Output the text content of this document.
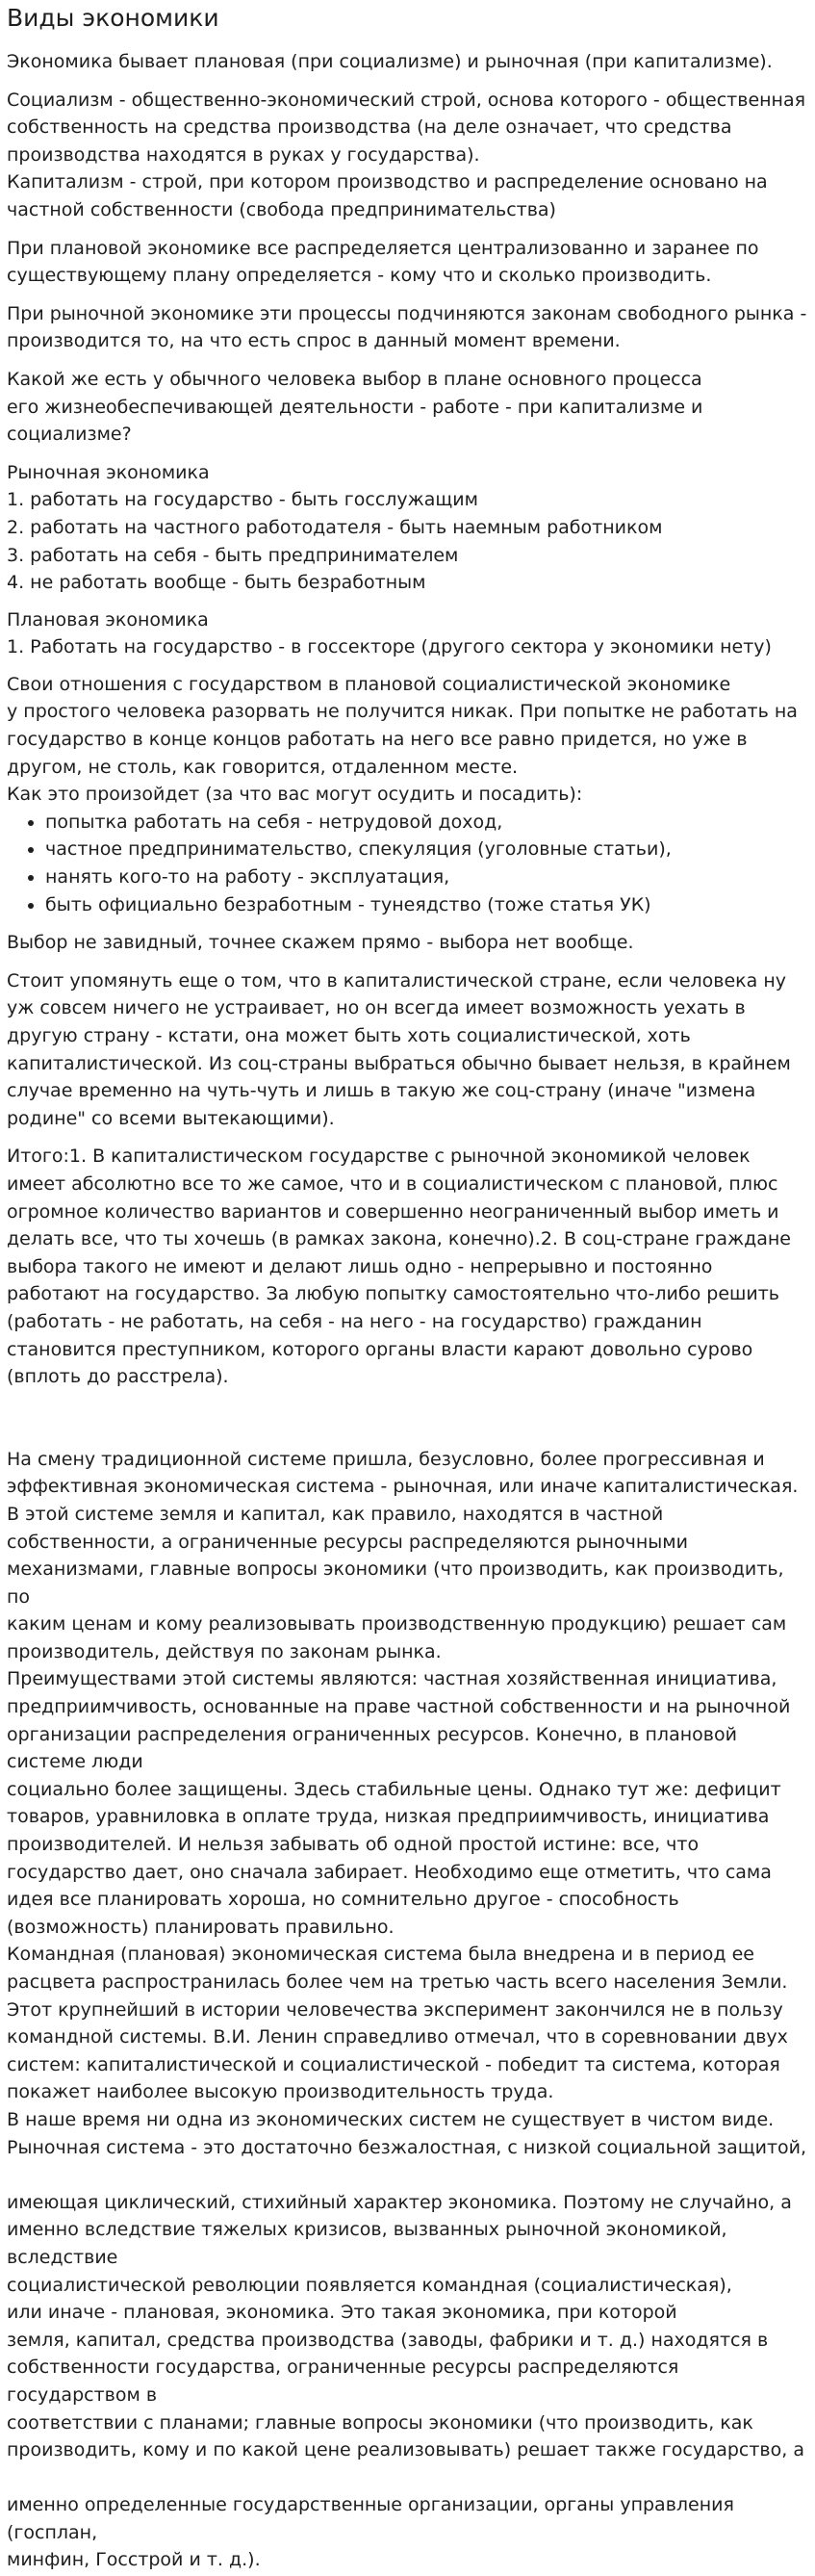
Виды экономики

Экономика бывает плановая (при социализме) и рыночная (при капитализме).

Социализм - общественно-экономический строй, основа которого - общественная собственность на средства производства (на деле означает, что средства производства находятся в руках у государства).
Капитализм - строй, при котором производство и распределение основано на частной собственности (свобода предпринимательства)

При плановой экономике все распределяется централизованно и заранее по существующему плану определяется - кому что и сколько производить.

При рыночной экономике эти процессы подчиняются законам свободного рынка - производится то, на что есть спрос в данный момент времени.

Какой же есть у обычного человека выбор в плане основного процесса
его жизнеобеспечивающей деятельности - работе - при капитализме и социализме?

Рыночная экономика
1. работать на государство - быть госслужащим
2. работать на частного работодателя - быть наемным работником
3. работать на себя - быть предпринимателем
4. не работать вообще - быть безработным
Плановая экономика
1. Работать на государство - в госсекторе (другого сектора у экономики нету)
Свои отношения с государством в плановой социалистической экономике
у простого человека разорвать не получится никак. При попытке не работать на государство в конце концов работать на него все равно придется, но уже в другом, не столь, как говорится, отдаленном месте.
Как это произойдет (за что вас могут осудить и посадить):
• попытка работать на себя - нетрудовой доход,
• частное предпринимательство, спекуляция (уголовные статьи),
• нанять кого-то на работу - эксплуатация,
• быть официально безработным - тунеядство (тоже статья УК)

Выбор не завидный, точнее скажем прямо - выбора нет вообще.

Стоит упомянуть еще о том, что в капиталистической стране, если человека ну уж совсем ничего не устраивает, но он всегда имеет возможность уехать в другую страну - кстати, она может быть хоть социалистической, хоть капиталистической. Из соц-страны выбраться обычно бывает нельзя, в крайнем случае временно на чуть-чуть и лишь в такую же соц-страну (иначе "измена родине" со всеми вытекающими).

Итого:1. В капиталистическом государстве с рыночной экономикой человек имеет абсолютно все то же самое, что и в социалистическом с плановой, плюс огромное количество вариантов и совершенно неограниченный выбор иметь и делать все, что ты хочешь (в рамках закона, конечно).2. В соц-стране граждане выбора такого не имеют и делают лишь одно - непрерывно и постоянно работают на государство. За любую попытку самостоятельно что-либо решить (работать - не работать, на себя - на него - на государство) гражданин становится преступником, которого органы власти карают довольно сурово (вплоть до расстрела).

На смену традиционной системе пришла, безусловно, более прогрессивная и эффективная экономическая система - рыночная, или иначе капиталистическая. В этой системе земля и капитал, как правило, находятся в частной собственности, а ограниченные ресурсы распределяются рыночными механизмами, главные вопросы экономики (что производить, как производить, по
каким ценам и кому реализовывать производственную продукцию) решает сам производитель, действуя по законам рынка.
Преимуществами этой системы являются: частная хозяйственная инициатива, предприимчивость, основанные на праве частной собственности и на рыночной организации распределения ограниченных ресурсов. Конечно, в плановой системе люди
социально более защищены. Здесь стабильные цены. Однако тут же: дефицит товаров, уравниловка в оплате труда, низкая предприимчивость, инициатива производителей. И нельзя забывать об одной простой истине: все, что государство дает, оно сначала забирает. Необходимо еще отметить, что сама идея все планировать хороша, но сомнительно другое - способность (возможность) планировать правильно.
Командная (плановая) экономическая система была внедрена и в период ее расцвета распространилась более чем на третью часть всего населения Земли. Этот крупнейший в истории человечества эксперимент закончился не в пользу командной системы. В.И. Ленин справедливо отмечал, что в соревновании двух систем: капиталистической и социалистической - победит та система, которая покажет наиболее высокую производительность труда.
В наше время ни одна из экономических систем не существует в чистом виде.
Рыночная система - это достаточно безжалостная, с низкой социальной защитой,
имеющая циклический, стихийный характер экономика. Поэтому не случайно, а именно вследствие тяжелых кризисов, вызванных рыночной экономикой, вследствие
социалистической революции появляется командная (социалистическая),
или иначе - плановая, экономика. Это такая экономика, при которой
земля, капитал, средства производства (заводы, фабрики и т. д.) находятся в собственности государства, ограниченные ресурсы распределяются государством в
соответствии с планами; главные вопросы экономики (что производить, как производить, кому и по какой цене реализовывать) решает также государство, а
именно определенные государственные организации, органы управления (госплан,
минфин, Госстрой и т. д.).
